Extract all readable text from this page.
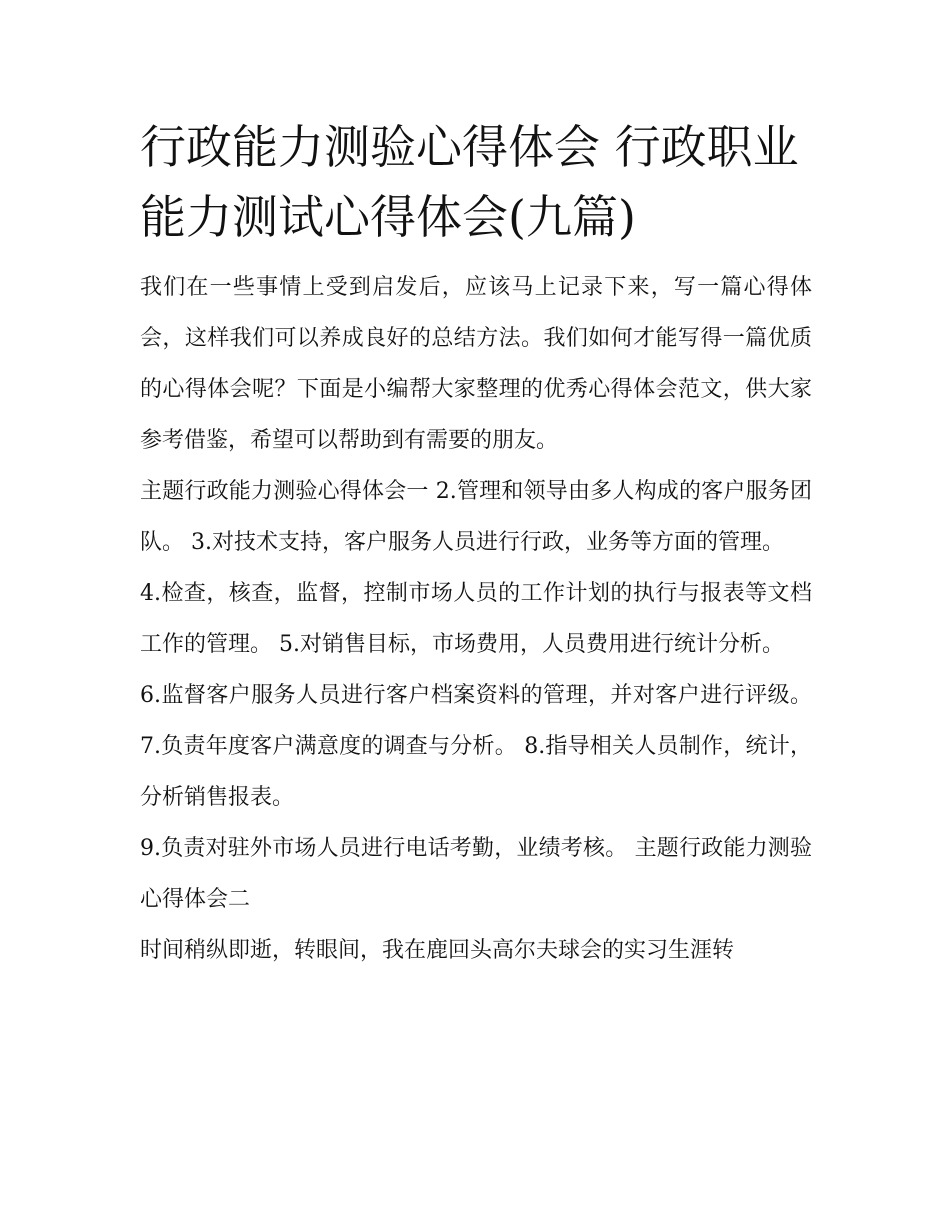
行政能力测验心得体会 行政职业能力测试心得体会(九篇)

我们在一些事情上受到启发后，应该马上记录下来，写一篇心得体会，这样我们可以养成良好的总结方法。我们如何才能写得一篇优质的心得体会呢？下面是小编帮大家整理的优秀心得体会范文，供大家参考借鉴，希望可以帮助到有需要的朋友。

主题行政能力测验心得体会一 2.管理和领导由多人构成的客户服务团队。 3.对技术支持，客户服务人员进行行政，业务等方面的管理。

4.检查，核查，监督，控制市场人员的工作计划的执行与报表等文档工作的管理。 5.对销售目标，市场费用，人员费用进行统计分析。

6.监督客户服务人员进行客户档案资料的管理，并对客户进行评级。 7.负责年度客户满意度的调查与分析。 8.指导相关人员制作，统计，分析销售报表。

9.负责对驻外市场人员进行电话考勤，业绩考核。 主题行政能力测验心得体会二

时间稍纵即逝，转眼间，我在鹿回头高尔夫球会的实习生涯转
